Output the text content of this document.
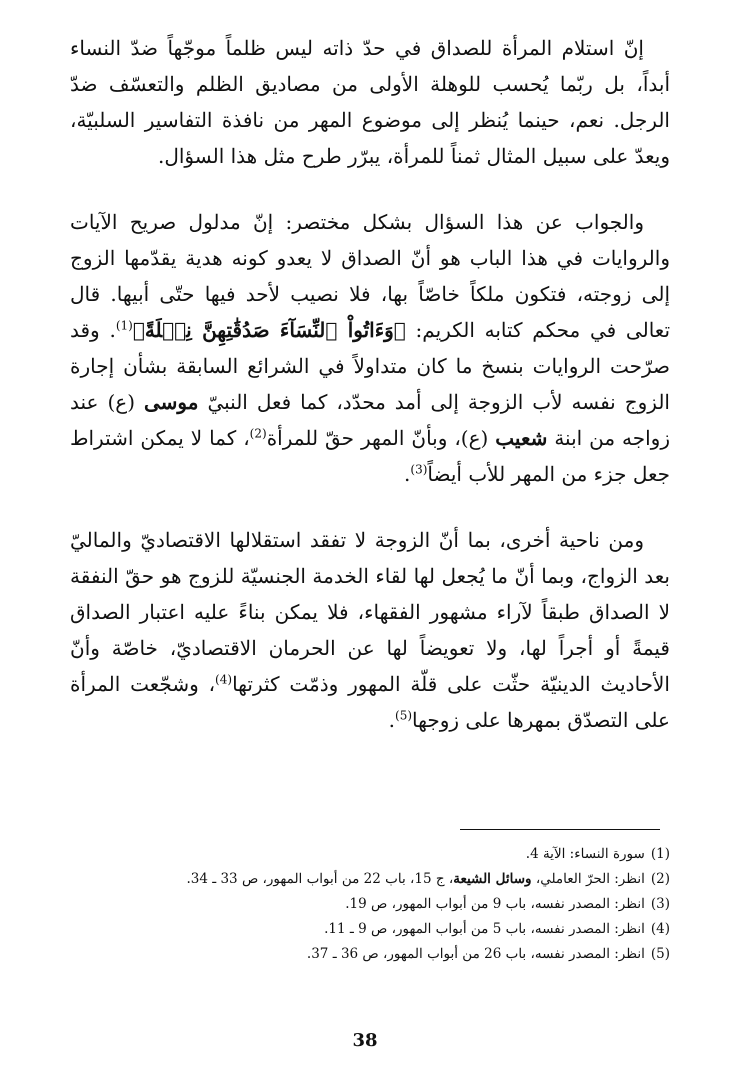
إنّ استلام المرأة للصداق في حدّ ذاته ليس ظلماً موجّهاً ضدّ النساء أبداً، بل ربّما يُحسب للوهلة الأولى من مصاديق الظلم والتعسّف ضدّ الرجل. نعم، حينما يُنظر إلى موضوع المهر من نافذة التفاسير السلبيّة، ويعدّ على سبيل المثال ثمناً للمرأة، يبرّر طرح مثل هذا السؤال.

والجواب عن هذا السؤال بشكل مختصر: إنّ مدلول صريح الآيات والروايات في هذا الباب هو أنّ الصداق لا يعدو كونه هدية يقدّمها الزوج إلى زوجته، فتكون ملكاً خاصّاً بها، فلا نصيب لأحد فيها حتّى أبيها. قال تعالى في محكم كتابه الكريم: ﴿وَءَاتُواْ ٱلنِّسَآءَ صَدُقَٰتِهِنَّ نِحۡلَةً﴾$^{(1)}$. وقد صرّحت الروايات بنسخ ما كان متداولاً في الشرائع السابقة بشأن إجارة الزوج نفسه لأب الزوجة إلى أمد محدّد، كما فعل النبيّ موسى (ع) عند زواجه من ابنة شعيب (ع)، وبأنّ المهر حقّ للمرأة$^{(2)}$، كما لا يمكن اشتراط جعل جزء من المهر للأب أيضاً$^{(3)}$.

ومن ناحية أخرى، بما أنّ الزوجة لا تفقد استقلالها الاقتصاديّ والماليّ بعد الزواج، وبما أنّ ما يُجعل لها لقاء الخدمة الجنسيّة للزوج هو حقّ النفقة لا الصداق طبقاً لآراء مشهور الفقهاء، فلا يمكن بناءً عليه اعتبار الصداق قيمةً أو أجراً لها، ولا تعويضاً لها عن الحرمان الاقتصاديّ، خاصّة وأنّ الأحاديث الدينيّة حثّت على قلّة المهور وذمّت كثرتها$^{(4)}$، وشجّعت المرأة على التصدّق بمهرها على زوجها$^{(5)}$.

(1)سورة النساء: الآية 4.
(2)انظر: الحرّ العاملي، وسائل الشيعة، ج 15، باب 22 من أبواب المهور، ص 33 ـ 34.
(3)انظر: المصدر نفسه، باب 9 من أبواب المهور، ص 19.
(4)انظر: المصدر نفسه، باب 5 من أبواب المهور، ص 9 ـ 11.
(5)انظر: المصدر نفسه، باب 26 من أبواب المهور، ص 36 ـ 37.
38
